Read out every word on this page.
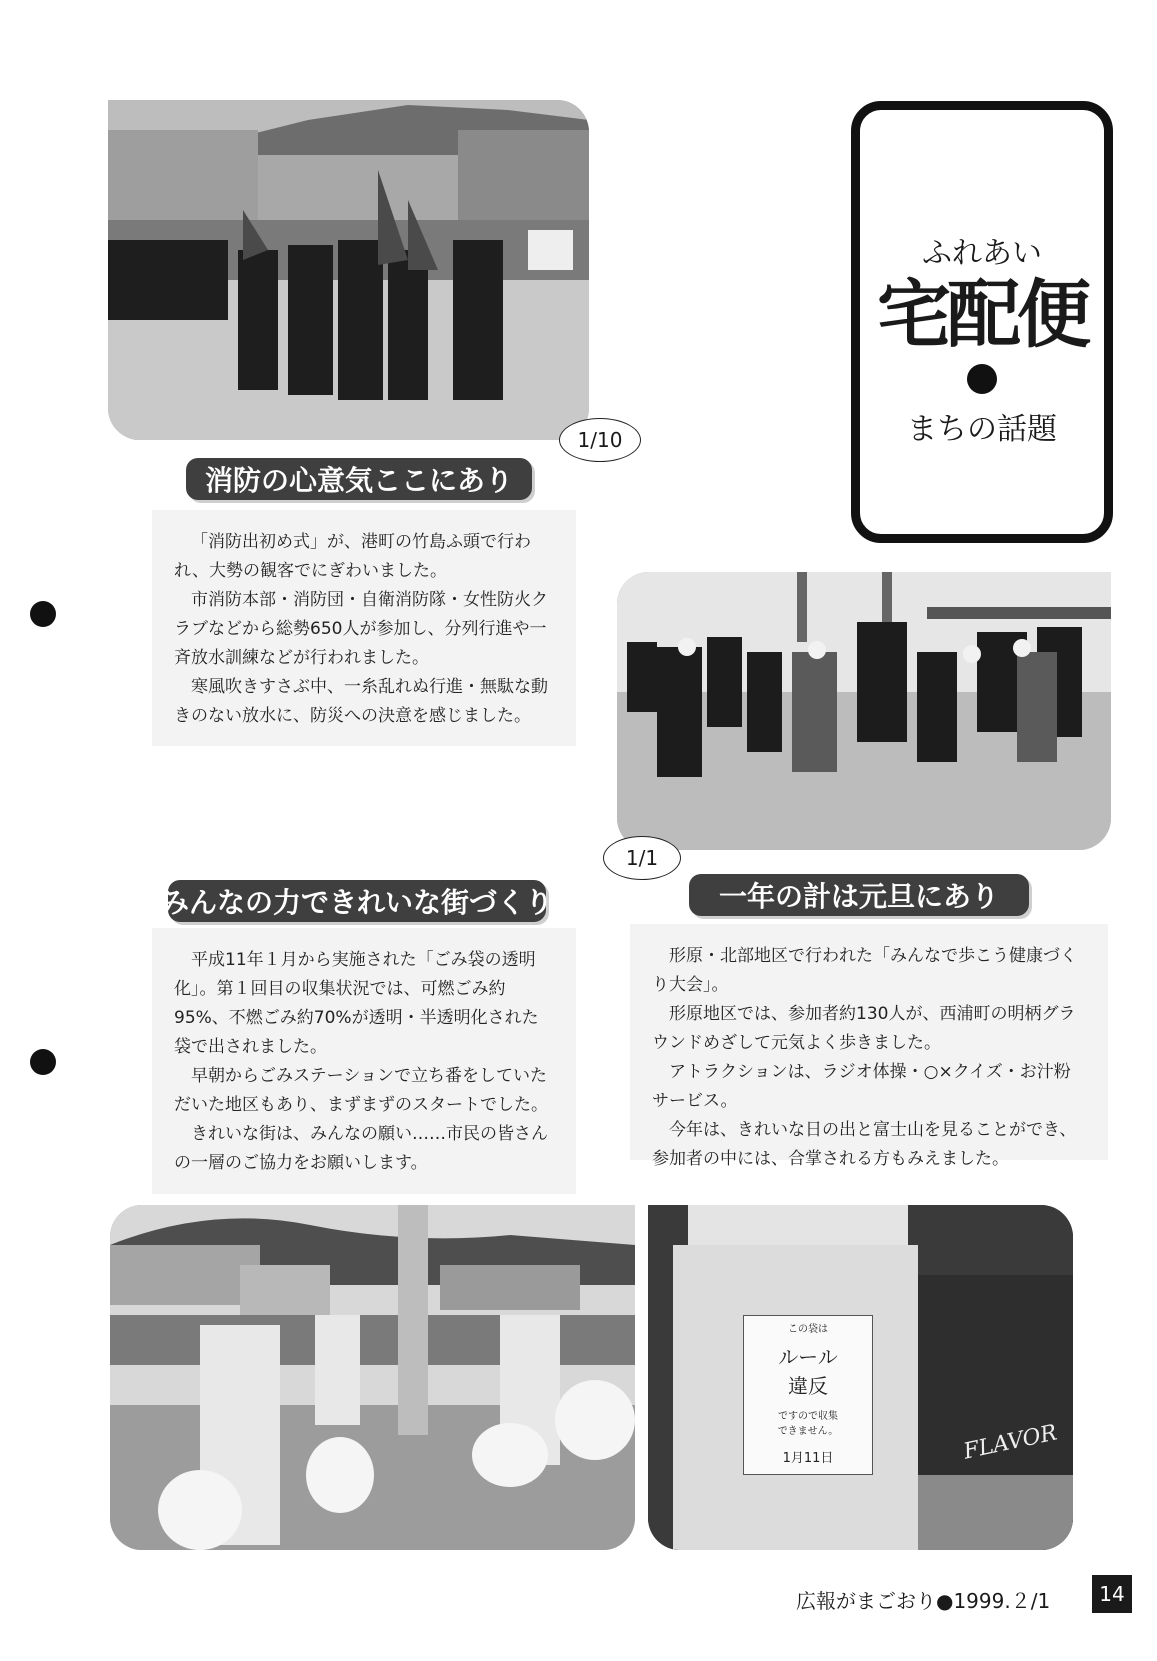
1/10
消防の心意気ここにあり

「消防出初め式」が、港町の竹島ふ頭で行われ、大勢の観客でにぎわいました。

市消防本部・消防団・自衛消防隊・女性防火クラブなどから総勢650人が参加し、分列行進や一斉放水訓練などが行われました。

寒風吹きすさぶ中、一糸乱れぬ行進・無駄な動きのない放水に、防災への決意を感じました。

ふれあい
宅配便
まちの話題
1/1
一年の計は元旦にあり

形原・北部地区で行われた「みんなで歩こう健康づくり大会」。

形原地区では、参加者約130人が、西浦町の明柄グラウンドめざして元気よく歩きました。

アトラクションは、ラジオ体操・○×クイズ・お汁粉サービス。

今年は、きれいな日の出と富士山を見ることができ、参加者の中には、合掌される方もみえました。

みんなの力できれいな街づくり

平成11年１月から実施された「ごみ袋の透明化」。第１回目の収集状況では、可燃ごみ約95%、不燃ごみ約70%が透明・半透明化された袋で出されました。

早朝からごみステーションで立ち番をしていただいた地区もあり、まずまずのスタートでした。

きれいな街は、みんなの願い……市民の皆さんの一層のご協力をお願いします。

この袋は
ルール
違反
ですので収集
できません。
1月11日	FLAVOR
広報がまごおり●1999.２/1	14
